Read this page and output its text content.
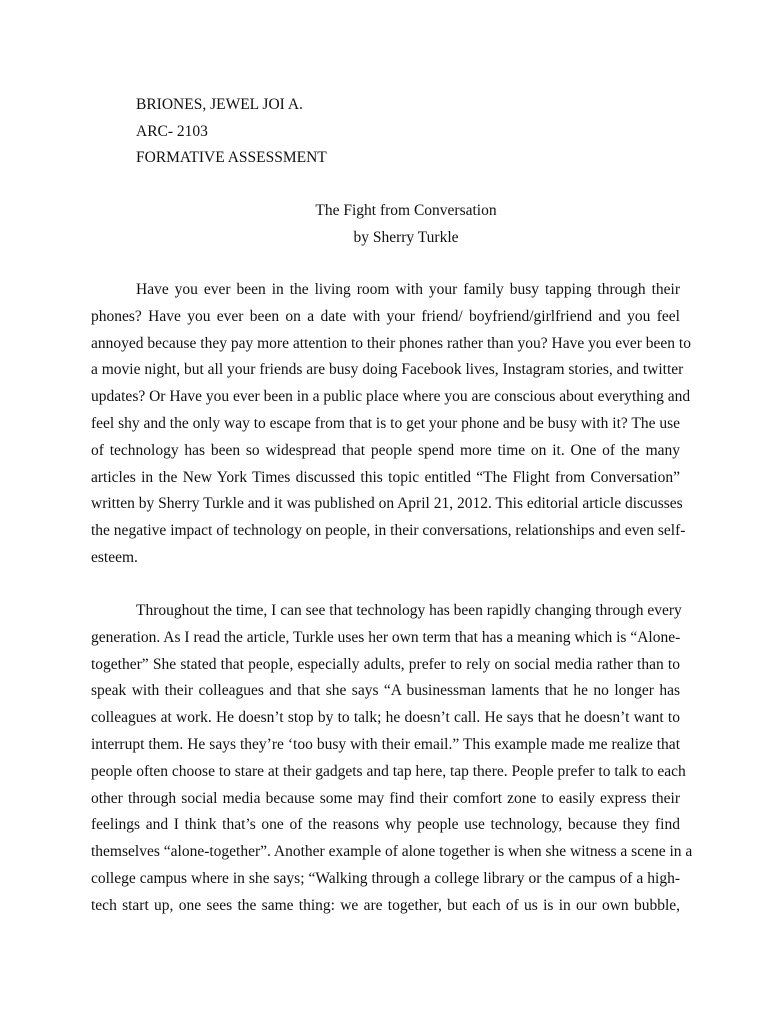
BRIONES, JEWEL JOI A.
ARC- 2103
FORMATIVE ASSESSMENT
The Fight from Conversation
by Sherry Turkle
Have you ever been in the living room with your family busy tapping through their
phones? Have you ever been on a date with your friend/ boyfriend/girlfriend and you feel
annoyed because they pay more attention to their phones rather than you? Have you ever been to
a movie night, but all your friends are busy doing Facebook lives, Instagram stories, and twitter
updates? Or Have you ever been in a public place where you are conscious about everything and
feel shy and the only way to escape from that is to get your phone and be busy with it? The use
of technology has been so widespread that people spend more time on it. One of the many
articles in the New York Times discussed this topic entitled “The Flight from Conversation”
written by Sherry Turkle and it was published on April 21, 2012. This editorial article discusses
the negative impact of technology on people, in their conversations, relationships and even self-
esteem.
Throughout the time, I can see that technology has been rapidly changing through every
generation. As I read the article, Turkle uses her own term that has a meaning which is “Alone-
together” She stated that people, especially adults, prefer to rely on social media rather than to
speak with their colleagues and that she says “A businessman laments that he no longer has
colleagues at work. He doesn’t stop by to talk; he doesn’t call. He says that he doesn’t want to
interrupt them. He says they’re ‘too busy with their email.” This example made me realize that
people often choose to stare at their gadgets and tap here, tap there. People prefer to talk to each
other through social media because some may find their comfort zone to easily express their
feelings and I think that’s one of the reasons why people use technology, because they find
themselves “alone-together”. Another example of alone together is when she witness a scene in a
college campus where in she says; “Walking through a college library or the campus of a high-
tech start up, one sees the same thing: we are together, but each of us is in our own bubble,
